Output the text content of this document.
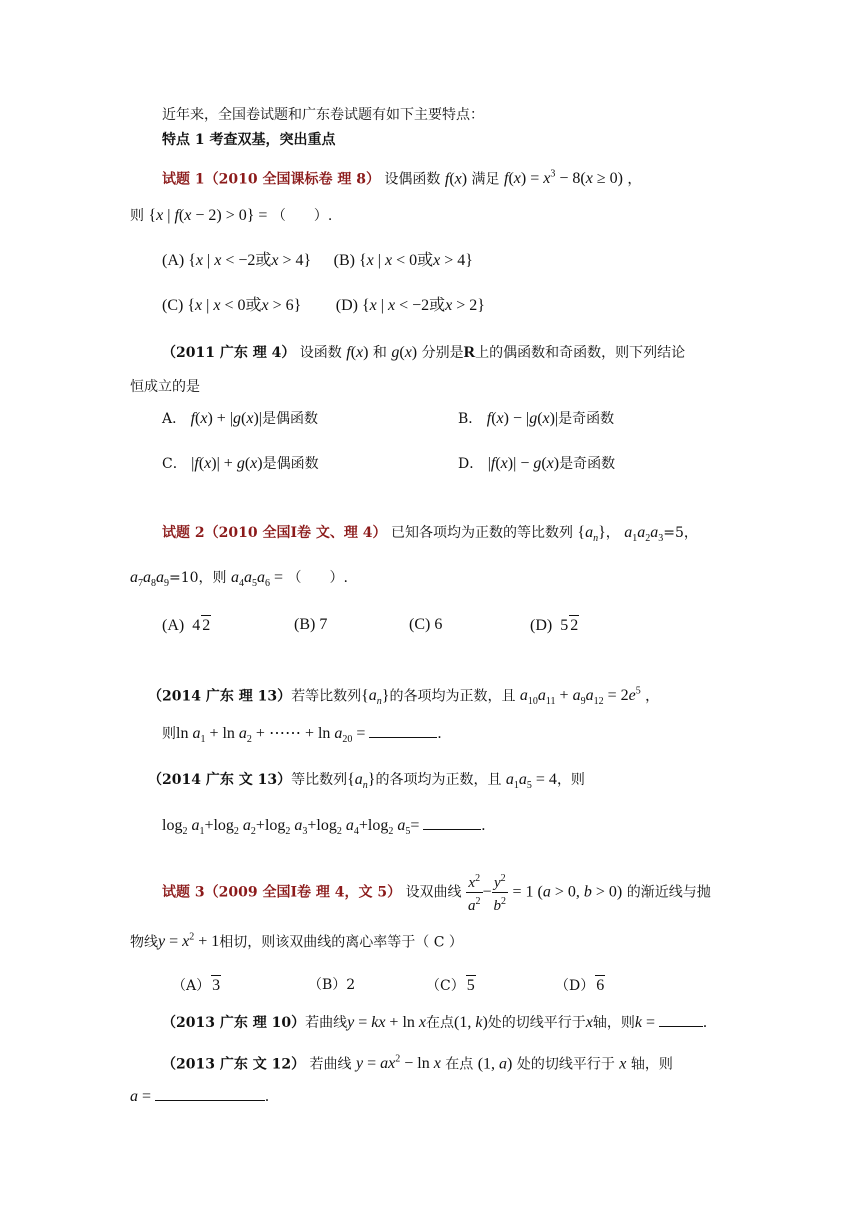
近年来，全国卷试题和广东卷试题有如下主要特点：
特点 1 考查双基，突出重点
试题 1（2010 全国课标卷 理 8） 设偶函数 f(x) 满足 $f(x) = x^3 - 8(x \ge 0)$ ，
则 {x | f(x − 2) > 0} = （　　）.
(A) {x | x < −2或x > 4} (B) {x | x < 0或x > 4}
(C) {x | x < 0或x > 6} (D) {x | x < −2或x > 2}
（2011 广东 理 4） 设函数 f(x) 和 g(x) 分别是R上的偶函数和奇函数，则下列结论
恒成立的是
A． f(x) + |g(x)|是偶函数	B． f(x) − |g(x)|是奇函数
C． |f(x)| + g(x)是偶函数	D． |f(x)| − g(x)是奇函数
试题 2（2010 全国Ⅰ卷 文、理 4） 已知各项均为正数的等比数列 $\{a_n\}$， $a_1a_2a_3=5$，
$a_7a_8a_9=10$，则 $a_4a_5a_6$ = （　　）.
(A)  4 2	(B) 7	(C) 6	(D)  5 2
（2014 广东 理 13）若等比数列$\{a_n\}$的各项均为正数，且 $a_{10}a_{11} + a_9a_{12} = 2e^5$ ，
则$\ln a_1 + \ln a_2$ + ⋯⋯ + $\ln a_{20}$ =	.
（2014 广东 文 13）等比数列$\{a_n\}$的各项均为正数，且 $a_1a_5 = 4$，则
$\log_2 a_1+\log_2$ $a_2+\log_2$ $a_3+\log_2$ $a_4+\log_2$ $a_5=$	.
试题 3（2009 全国Ⅰ卷 理 4，文 5） 设双曲线 $\frac{x^2}{a^2} - \frac{y^2}{b^2} = 1$ (a > 0, b > 0) 的渐近线与抛
物线$y = x^2 + 1$相切，则该双曲线的离心率等于（ C ）
（A） 3	（B）2	（C） 5	（D） 6
（2013 广东 理 10）若曲线y = kx + ln x在点(1, k)处的切线平行于x轴，则k =	.
（2013 广东 文 12） 若曲线 $y = ax^2 - \ln x$ 在点 (1, a) 处的切线平行于 x 轴，则
a =	.
